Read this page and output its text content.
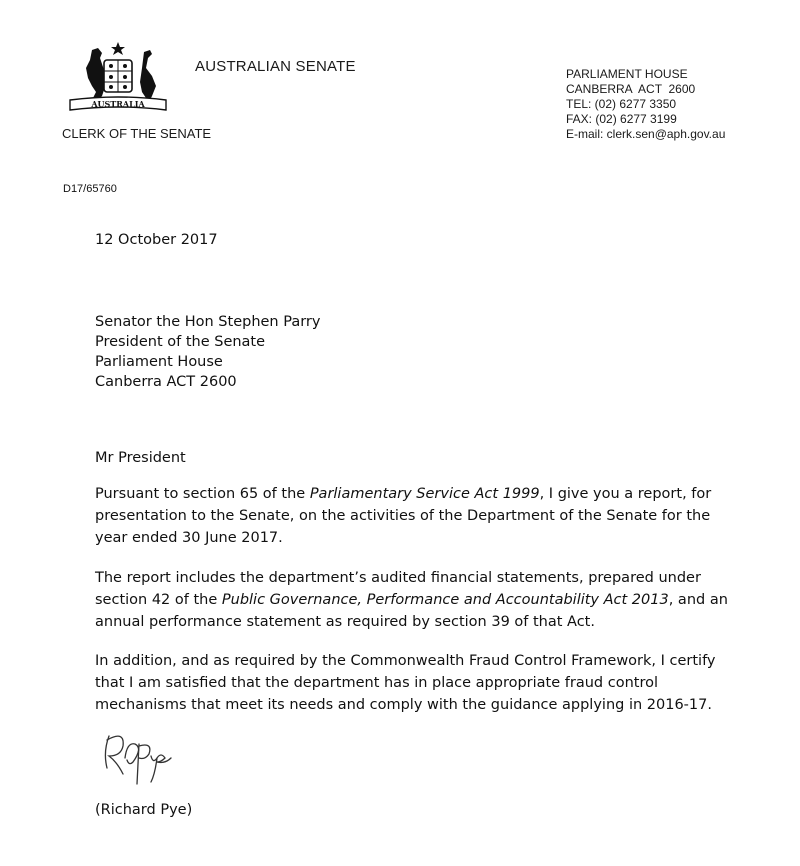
AUSTRALIA
AUSTRALIAN SENATE
CLERK OF THE SENATE
PARLIAMENT HOUSE
CANBERRA  ACT  2600
TEL: (02) 6277 3350
FAX: (02) 6277 3199
E-mail: clerk.sen@aph.gov.au
D17/65760
12 October 2017
Senator the Hon Stephen Parry
President of the Senate
Parliament House
Canberra ACT 2600
Mr President

Pursuant to section 65 of the Parliamentary Service Act 1999, I give you a report, for presentation to the Senate, on the activities of the Department of the Senate for the year ended 30 June 2017.

The report includes the department’s audited financial statements, prepared under section 42 of the Public Governance, Performance and Accountability Act 2013, and an annual performance statement as required by section 39 of that Act.

In addition, and as required by the Commonwealth Fraud Control Framework, I certify that I am satisfied that the department has in place appropriate fraud control mechanisms that meet its needs and comply with the guidance applying in 2016-17.

(Richard Pye)
